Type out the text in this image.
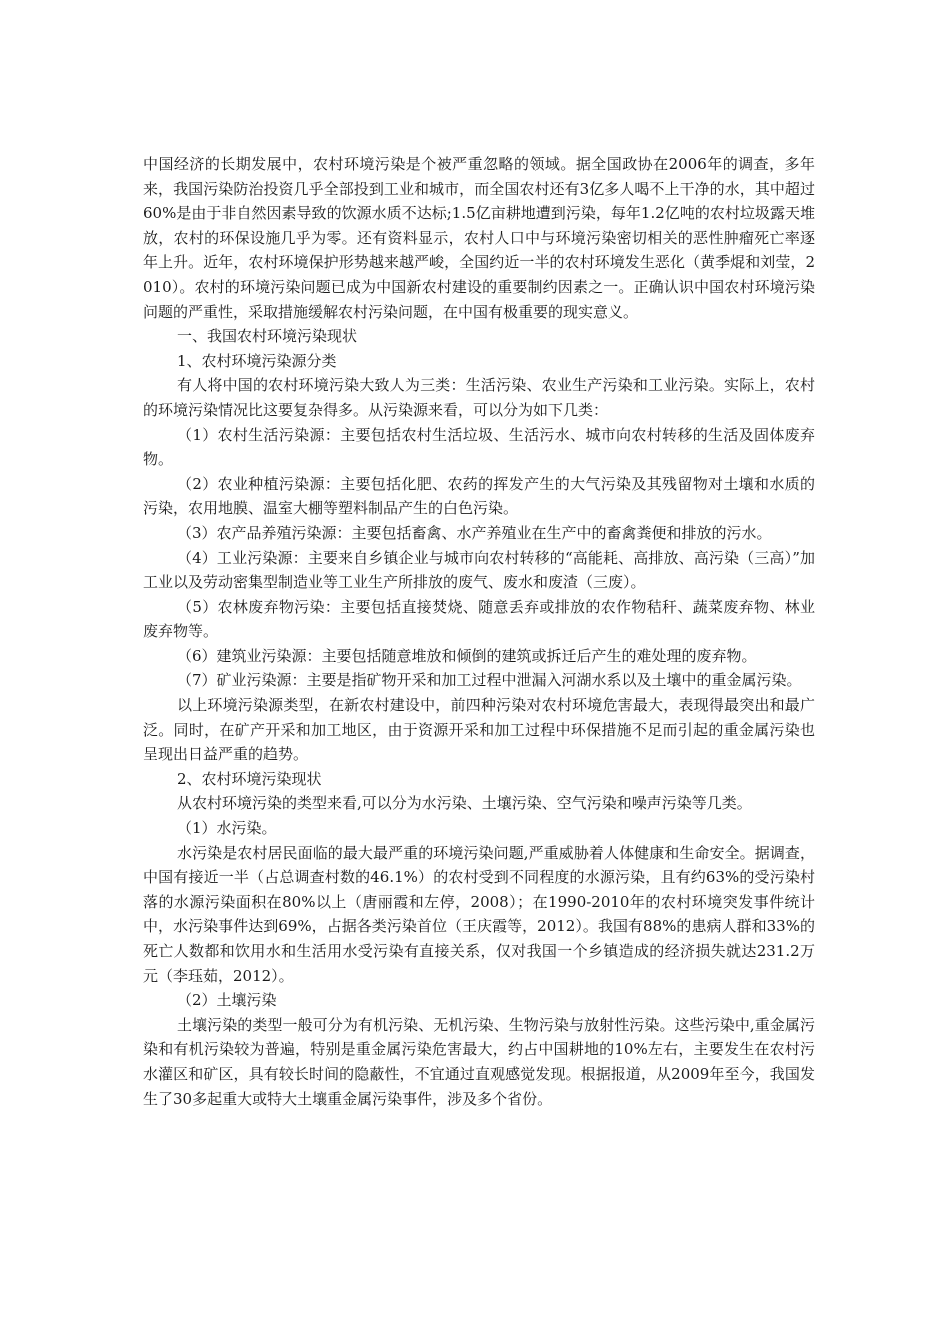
中国经济的长期发展中，农村环境污染是个被严重忽略的领域。据全国政协在2006年的调查，多年来，我国污染防治投资几乎全部投到工业和城市，而全国农村还有3亿多人喝不上干净的水，其中超过60%是由于非自然因素导致的饮源水质不达标;1.5亿亩耕地遭到污染，每年1.2亿吨的农村垃圾露天堆放，农村的环保设施几乎为零。还有资料显示，农村人口中与环境污染密切相关的恶性肿瘤死亡率逐年上升。近年，农村环境保护形势越来越严峻，全国约近一半的农村环境发生恶化（黄季焜和刘莹，2010）。农村的环境污染问题已成为中国新农村建设的重要制约因素之一。正确认识中国农村环境污染问题的严重性，采取措施缓解农村污染问题，在中国有极重要的现实意义。

一、我国农村环境污染现状

1、农村环境污染源分类

有人将中国的农村环境污染大致人为三类：生活污染、农业生产污染和工业污染。实际上，农村的环境污染情况比这要复杂得多。从污染源来看，可以分为如下几类：

（1）农村生活污染源：主要包括农村生活垃圾、生活污水、城市向农村转移的生活及固体废弃物。

（2）农业种植污染源：主要包括化肥、农药的挥发产生的大气污染及其残留物对土壤和水质的污染，农用地膜、温室大棚等塑料制品产生的白色污染。

（3）农产品养殖污染源：主要包括畜禽、水产养殖业在生产中的畜禽粪便和排放的污水。

（4）工业污染源：主要来自乡镇企业与城市向农村转移的“高能耗、高排放、高污染（三高）”加工业以及劳动密集型制造业等工业生产所排放的废气、废水和废渣（三废）。

（5）农林废弃物污染：主要包括直接焚烧、随意丢弃或排放的农作物秸秆、蔬菜废弃物、林业废弃物等。

（6）建筑业污染源：主要包括随意堆放和倾倒的建筑或拆迁后产生的难处理的废弃物。

（7）矿业污染源：主要是指矿物开采和加工过程中泄漏入河湖水系以及土壤中的重金属污染。

以上环境污染源类型，在新农村建设中，前四种污染对农村环境危害最大，表现得最突出和最广泛。同时，在矿产开采和加工地区，由于资源开采和加工过程中环保措施不足而引起的重金属污染也呈现出日益严重的趋势。

2、农村环境污染现状

从农村环境污染的类型来看,可以分为水污染、土壤污染、空气污染和噪声污染等几类。

（1）水污染。

水污染是农村居民面临的最大最严重的环境污染问题,严重威胁着人体健康和生命安全。据调查，中国有接近一半（占总调查村数的46.1%）的农村受到不同程度的水源污染，且有约63%的受污染村落的水源污染面积在80%以上（唐丽霞和左停，2008）；在1990-2010年的农村环境突发事件统计中，水污染事件达到69%，占据各类污染首位（王庆霞等，2012）。我国有88%的患病人群和33%的死亡人数都和饮用水和生活用水受污染有直接关系，仅对我国一个乡镇造成的经济损失就达231.2万元（李珏茹，2012）。

（2）土壤污染

土壤污染的类型一般可分为有机污染、无机污染、生物污染与放射性污染。这些污染中,重金属污染和有机污染较为普遍，特别是重金属污染危害最大，约占中国耕地的10%左右，主要发生在农村污水灌区和矿区，具有较长时间的隐蔽性，不宜通过直观感觉发现。根据报道，从2009年至今，我国发生了30多起重大或特大土壤重金属污染事件，涉及多个省份。
